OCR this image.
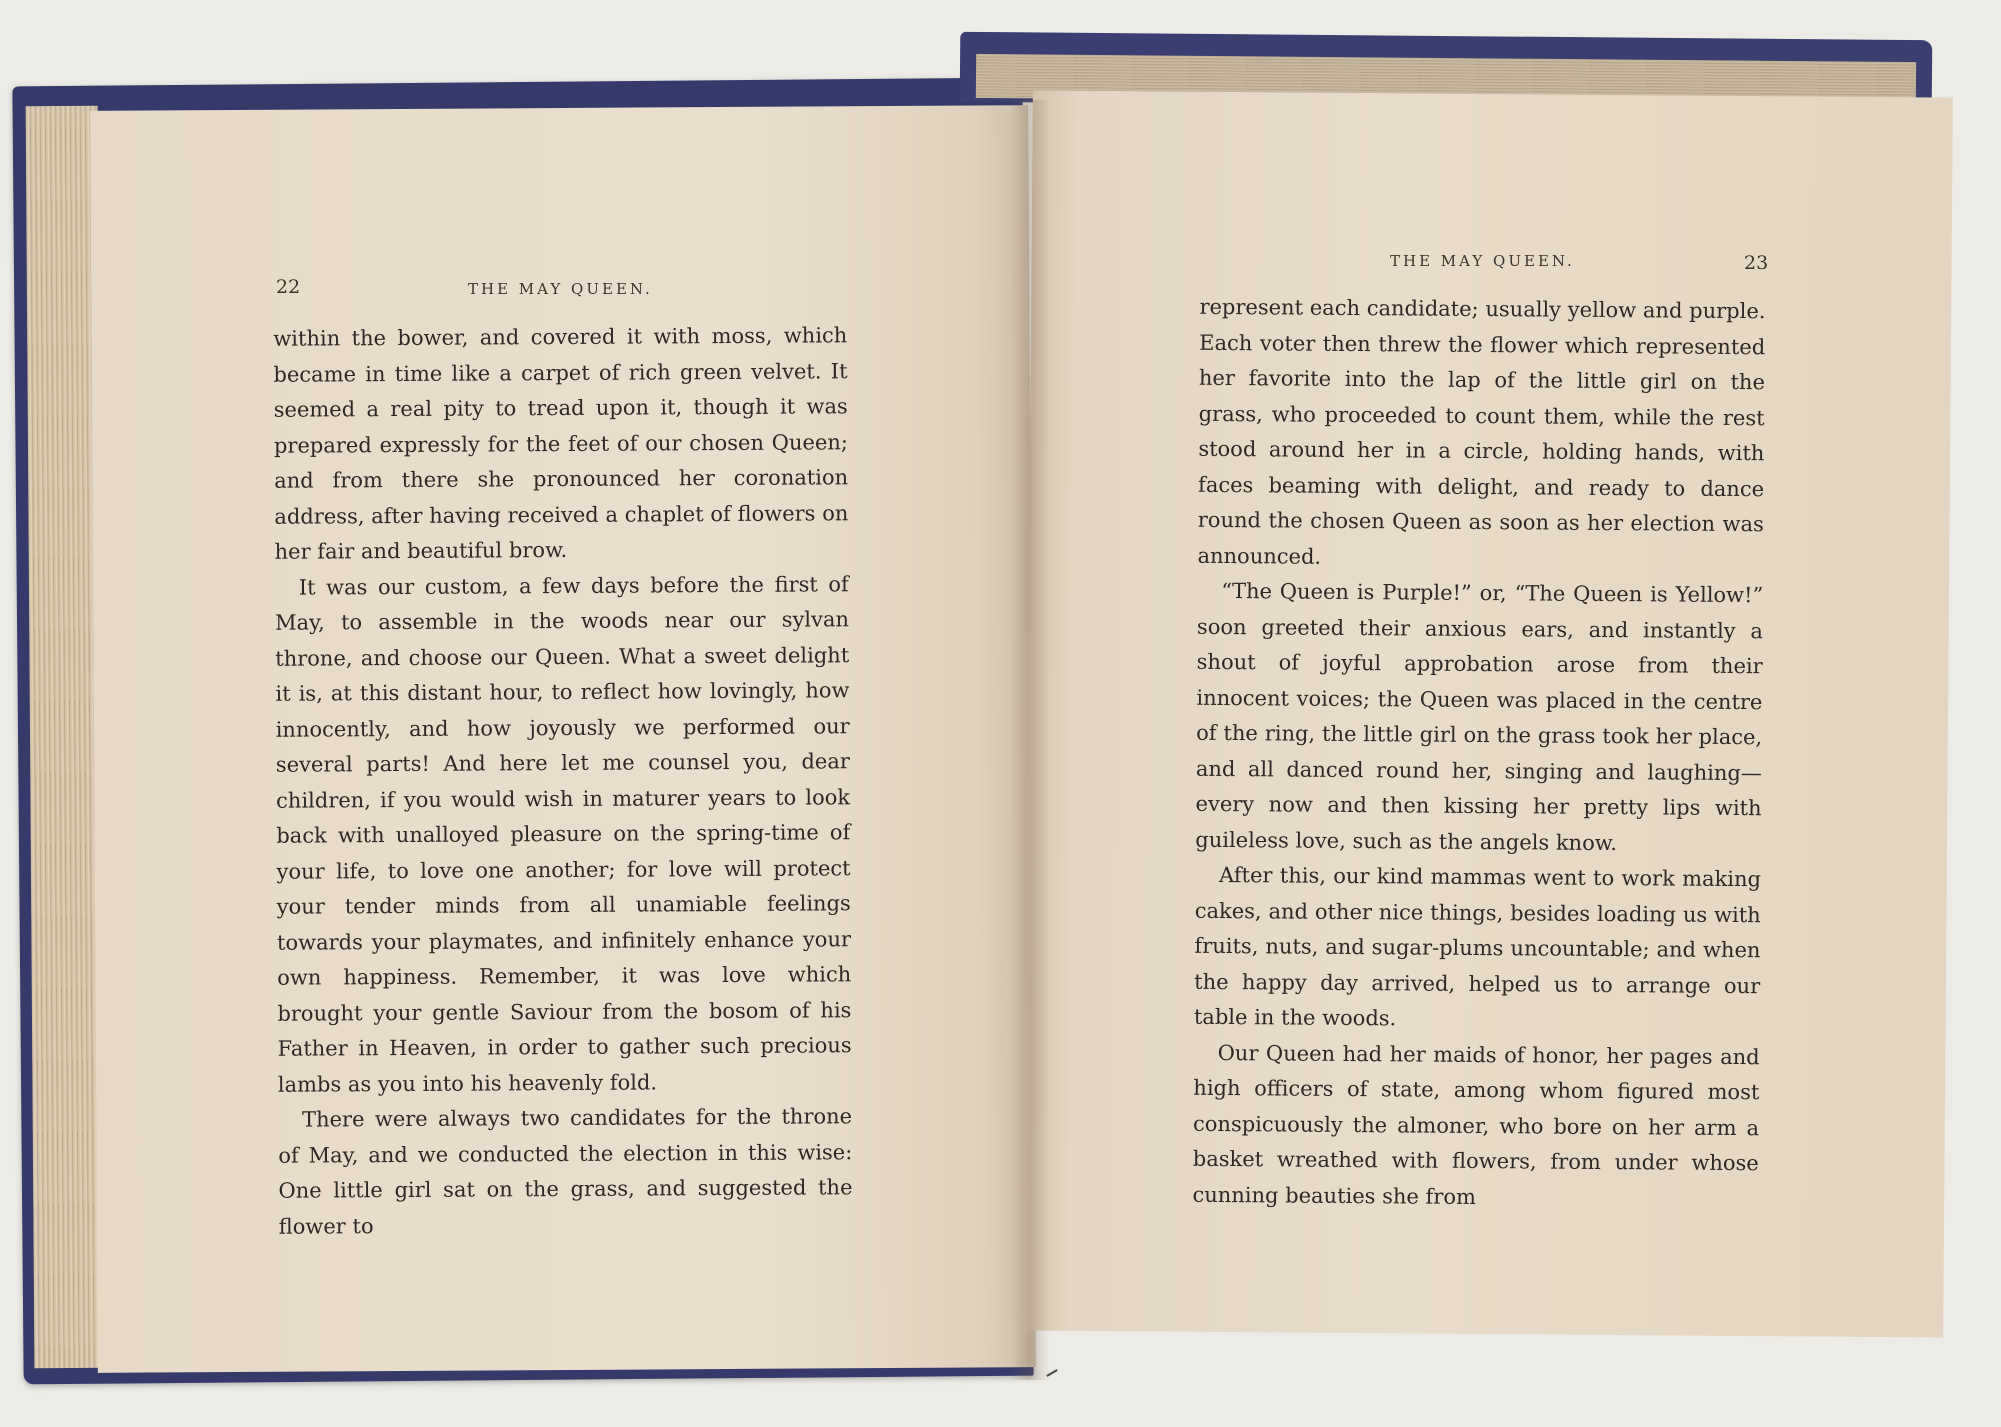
22	THE MAY QUEEN.

within the bower, and covered it with moss, which became in time like a carpet of rich green velvet. It seemed a real pity to tread upon it, though it was prepared expressly for the feet of our chosen Queen; and from there she pronounced her coronation address, after having received a chaplet of flowers on her fair and beautiful brow.

It was our custom, a few days before the first of May, to assemble in the woods near our sylvan throne, and choose our Queen. What a sweet delight it is, at this distant hour, to reflect how lovingly, how innocently, and how joyously we performed our several parts! And here let me counsel you, dear children, if you would wish in maturer years to look back with unalloyed pleasure on the spring-time of your life, to love one another; for love will protect your tender minds from all unamiable feelings towards your playmates, and infinitely enhance your own happiness. Remember, it was love which brought your gentle Saviour from the bosom of his Father in Heaven, in order to gather such precious lambs as you into his heavenly fold.

There were always two candidates for the throne of May, and we conducted the election in this wise: One little girl sat on the grass, and suggested the flower to

THE MAY QUEEN.	23

represent each candidate; usually yellow and purple. Each voter then threw the flower which represented her favorite into the lap of the little girl on the grass, who proceeded to count them, while the rest stood around her in a circle, holding hands, with faces beaming with delight, and ready to dance round the chosen Queen as soon as her election was announced.

“The Queen is Purple!” or, “The Queen is Yellow!” soon greeted their anxious ears, and instantly a shout of joyful approbation arose from their innocent voices; the Queen was placed in the centre of the ring, the little girl on the grass took her place, and all danced round her, singing and laughing—every now and then kissing her pretty lips with guileless love, such as the angels know.

After this, our kind mammas went to work making cakes, and other nice things, besides loading us with fruits, nuts, and sugar-plums uncountable; and when the happy day arrived, helped us to arrange our table in the woods.

Our Queen had her maids of honor, her pages and high officers of state, among whom figured most conspicuously the almoner, who bore on her arm a basket wreathed with flowers, from under whose cunning beauties she from
